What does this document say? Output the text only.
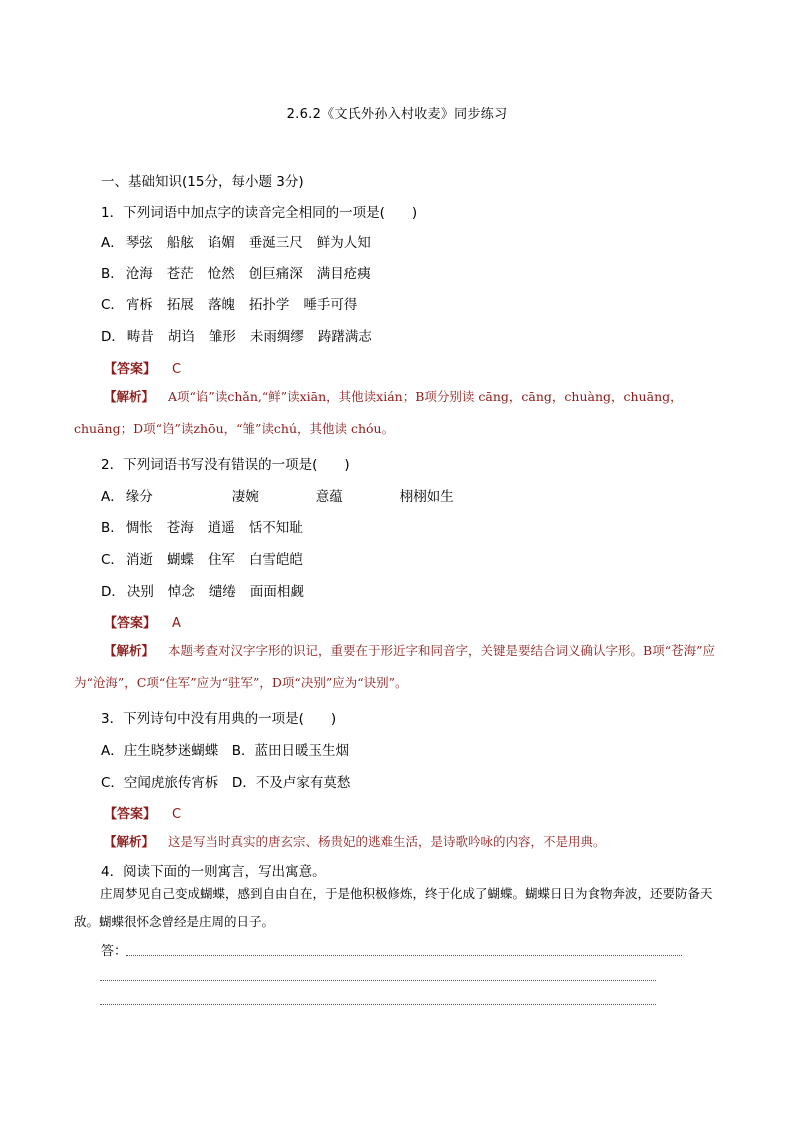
2.6.2《文氏外孙入村收麦》同步练习
一、基础知识(15分，每小题 3分)
1．下列词语中加点字的读音完全相同的一项是(　　)
A． 琴弦 船舷 谄媚 垂涎三尺 鲜为人知
B． 沧海 苍茫 怆然 创巨痛深 满目疮痍
C． 宵柝 拓展 落魄 拓扑学 唾手可得
D． 畴昔 胡诌 雏形 未雨绸缪 踌躇满志
【答案】 C
【解析】 A项“谄”读chǎn,“鲜”读xiān，其他读xián；B项分别读 cāng，cāng，chuàng，chuāng，chuāng；D项“诌”读zhōu，“雏”读chú，其他读 chóu。
2．下列词语书写没有错误的一项是(　　)
A． 缘分	凄婉	意蕴	栩栩如生
B． 惆怅 苍海 逍遥 恬不知耻
C． 消逝 蝴蝶 住军 白雪皑皑
D． 决别 悼念 缱绻 面面相觑
【答案】 A
【解析】 本题考查对汉字字形的识记，重要在于形近字和同音字，关键是要结合词义确认字形。B项“苍海”应为“沧海”，C项“住军”应为“驻军”，D项“决别”应为“诀别”。
3．下列诗句中没有用典的一项是(　　)
A．庄生晓梦迷蝴蝶　B．蓝田日暖玉生烟
C．空闻虎旅传宵柝　D．不及卢家有莫愁
【答案】 C
【解析】 这是写当时真实的唐玄宗、杨贵妃的逃难生活，是诗歌吟咏的内容，不是用典。
4．阅读下面的一则寓言，写出寓意。
庄周梦见自己变成蝴蝶，感到自由自在，于是他积极修炼，终于化成了蝴蝶。蝴蝶日日为食物奔波，还要防备天敌。蝴蝶很怀念曾经是庄周的日子。
答：
